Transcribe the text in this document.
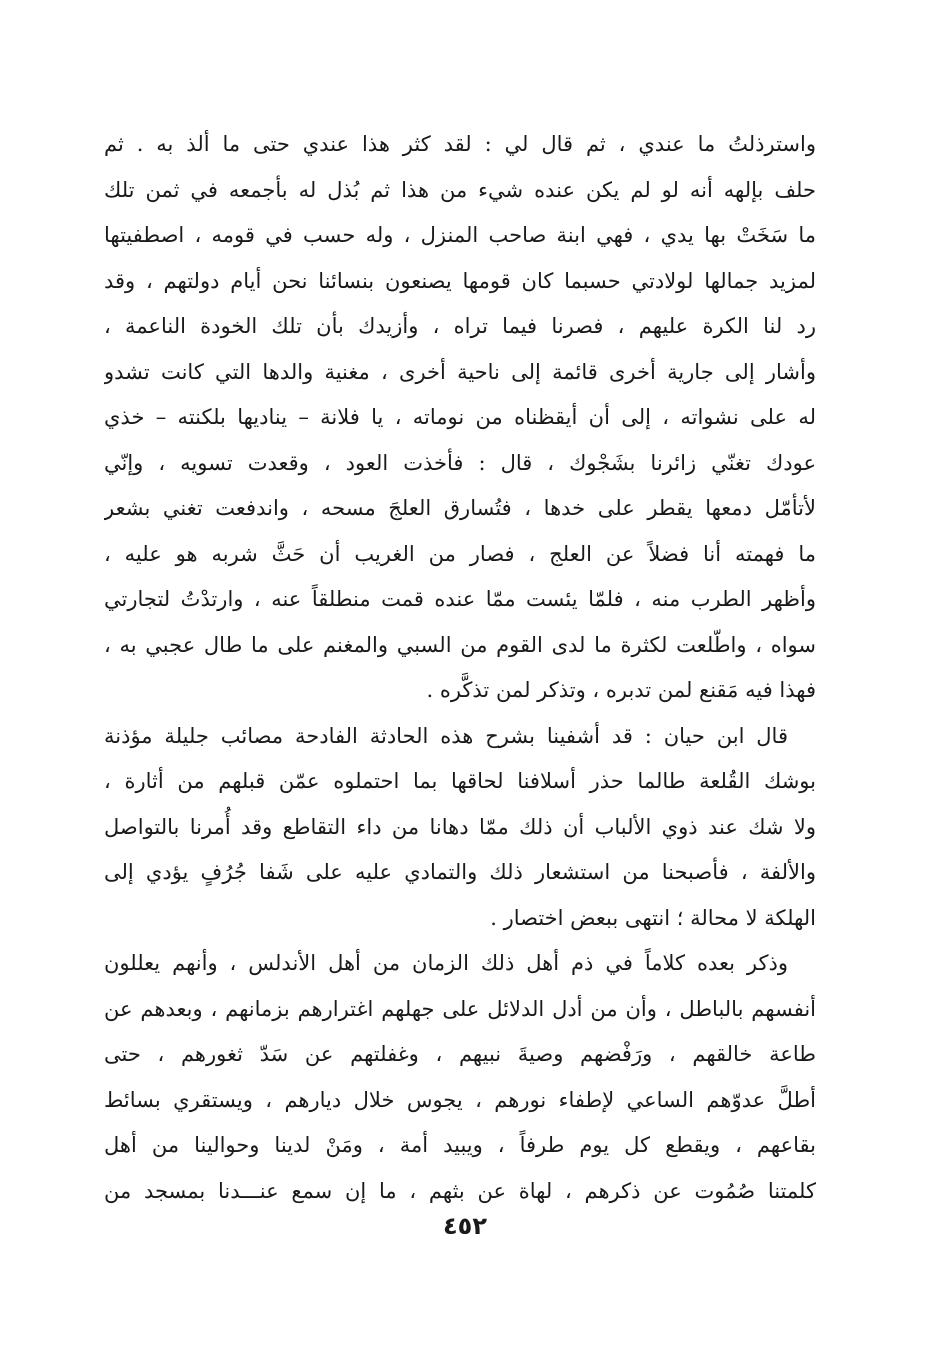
واسترذلتُ ما عندي ، ثم قال لي : لقد كثر هذا عندي حتى ما ألذ به . ثم
حلف بإلهه أنه لو لم يكن عنده شيء من هذا ثم بُذل له بأجمعه في ثمن تلك
ما سَخَتْ بها يدي ، فهي ابنة صاحب المنزل ، وله حسب في قومه ، اصطفيتها
لمزيد جمالها لولادتي حسبما كان قومها يصنعون بنسائنا نحن أيام دولتهم ، وقد
رد لنا الكرة عليهم ، فصرنا فيما تراه ، وأزيدك بأن تلك الخودة الناعمة ،
وأشار إلى جارية أخرى قائمة إلى ناحية أخرى ، مغنية والدها التي كانت تشدو
له على نشواته ، إلى أن أيقظناه من نوماته ، يا فلانة – يناديها بلكنته – خذي
عودك تغنّي زائرنا بشَجْوك ، قال : فأخذت العود ، وقعدت تسويه ، وإنّي
لأتأمّل دمعها يقطر على خدها ، فتُسارق العلجَ مسحه ، واندفعت تغني بشعر
ما فهمته أنا فضلاً عن العلج ، فصار من الغريب أن حَثَّ شربه هو عليه ،
وأظهر الطرب منه ، فلمّا يئست ممّا عنده قمت منطلقاً عنه ، وارتدْتُ لتجارتي
سواه ، واطّلعت لكثرة ما لدى القوم من السبي والمغنم على ما طال عجبي به ،
فهذا فيه مَقنع لمن تدبره ، وتذكر لمن تذكَّره .
قال ابن حيان : قد أشفينا بشرح هذه الحادثة الفادحة مصائب جليلة مؤذنة
بوشك القُلعة طالما حذر أسلافنا لحاقها بما احتملوه عمّن قبلهم من أثارة ،
ولا شك عند ذوي الألباب أن ذلك ممّا دهانا من داء التقاطع وقد أُمرنا بالتواصل
والألفة ، فأصبحنا من استشعار ذلك والتمادي عليه على شَفا جُرُفٍ يؤدي إلى
الهلكة لا محالة ؛ انتهى ببعض اختصار .
وذكر بعده كلاماً في ذم أهل ذلك الزمان من أهل الأندلس ، وأنهم يعللون
أنفسهم بالباطل ، وأن من أدل الدلائل على جهلهم اغترارهم بزمانهم ، وبعدهم عن
طاعة خالقهم ، ورَفْضهم وصيةَ نبيهم ، وغفلتهم عن سَدّ ثغورهم ، حتى
أطلَّ عدوّهم الساعي لإطفاء نورهم ، يجوس خلال ديارهم ، ويستقري بسائط
بقاعهم ، ويقطع كل يوم طرفاً ، ويبيد أمة ، ومَنْ لدينا وحوالينا من أهل
كلمتنا صُمُوت عن ذكرهم ، لهاة عن بثهم ، ما إن سمع عنـــدنا بمسجد من
٤٥٢
